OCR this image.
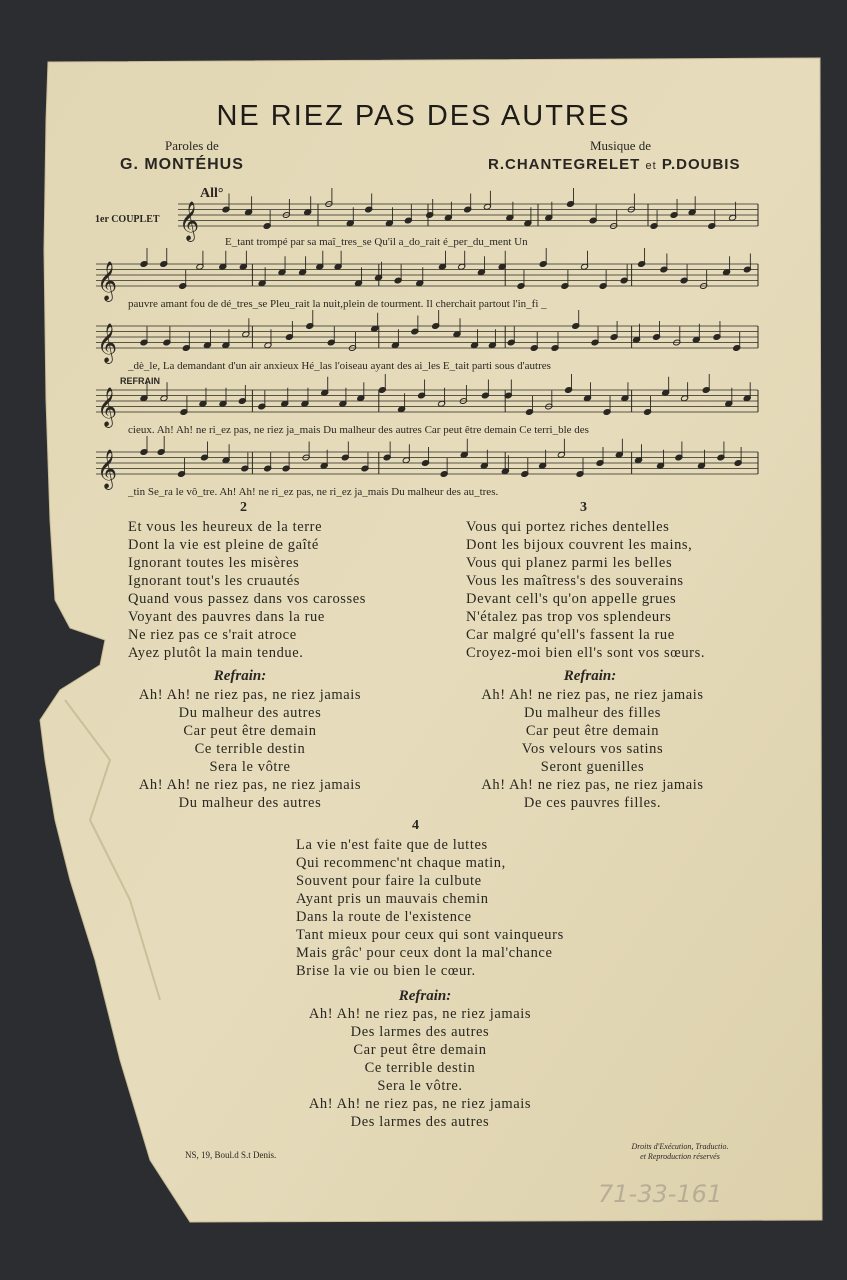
𝄞
𝄞
𝄞
𝄞
𝄞
NE RIEZ PAS DES AUTRES
Paroles de
G. MONTÉHUS
Musique de
R.CHANTEGRELET et P.DOUBIS
All°
1er COUPLET
REFRAIN
E_tant trompé par sa maî_tres_se Qu'il a_do_rait é_per_du_ment Un
pauvre amant fou de dé_tres_se Pleu_rait la nuit,plein de tourment. Il cherchait partout l'in_fi _
_dè_le, La demandant d'un air anxieux Hé_las l'oiseau ayant des ai_les E_tait parti sous d'autres
cieux. Ah! Ah! ne ri_ez pas, ne riez ja_mais Du malheur des autres Car peut être demain Ce terri_ble des
_tin Se_ra le vô_tre. Ah! Ah! ne ri_ez pas, ne ri_ez ja_mais Du malheur des au_tres.
2
Et vous les heureux de la terre
Dont la vie est pleine de gaîté
Ignorant toutes les misères
Ignorant tout's les cruautés
Quand vous passez dans vos carosses
Voyant des pauvres dans la rue
Ne riez pas ce s'rait atroce
Ayez plutôt la main tendue.
Refrain:
Ah! Ah! ne riez pas, ne riez jamais
Du malheur des autres
Car peut être demain
Ce terrible destin
Sera le vôtre
Ah! Ah! ne riez pas, ne riez jamais
Du malheur des autres
3
Vous qui portez riches dentelles
Dont les bijoux couvrent les mains,
Vous qui planez parmi les belles
Vous les maîtress's des souverains
Devant cell's qu'on appelle grues
N'étalez pas trop vos splendeurs
Car malgré qu'ell's fassent la rue
Croyez-moi bien ell's sont vos sœurs.
Refrain:
Ah! Ah! ne riez pas, ne riez jamais
Du malheur des filles
Car peut être demain
Vos velours vos satins
Seront guenilles
Ah! Ah! ne riez pas, ne riez jamais
De ces pauvres filles.
4
La vie n'est faite que de luttes
Qui recommenc'nt chaque matin,
Souvent pour faire la culbute
Ayant pris un mauvais chemin
Dans la route de l'existence
Tant mieux pour ceux qui sont vainqueurs
Mais grâc' pour ceux dont la mal'chance
Brise la vie ou bien le cœur.
Refrain:
Ah! Ah! ne riez pas, ne riez jamais
Des larmes des autres
Car peut être demain
Ce terrible destin
Sera le vôtre.
Ah! Ah! ne riez pas, ne riez jamais
Des larmes des autres
NS, 19, Boul.d S.t Denis.
Droits d'Exécution, Traductio.
et Reproduction réservés
71-33-161
